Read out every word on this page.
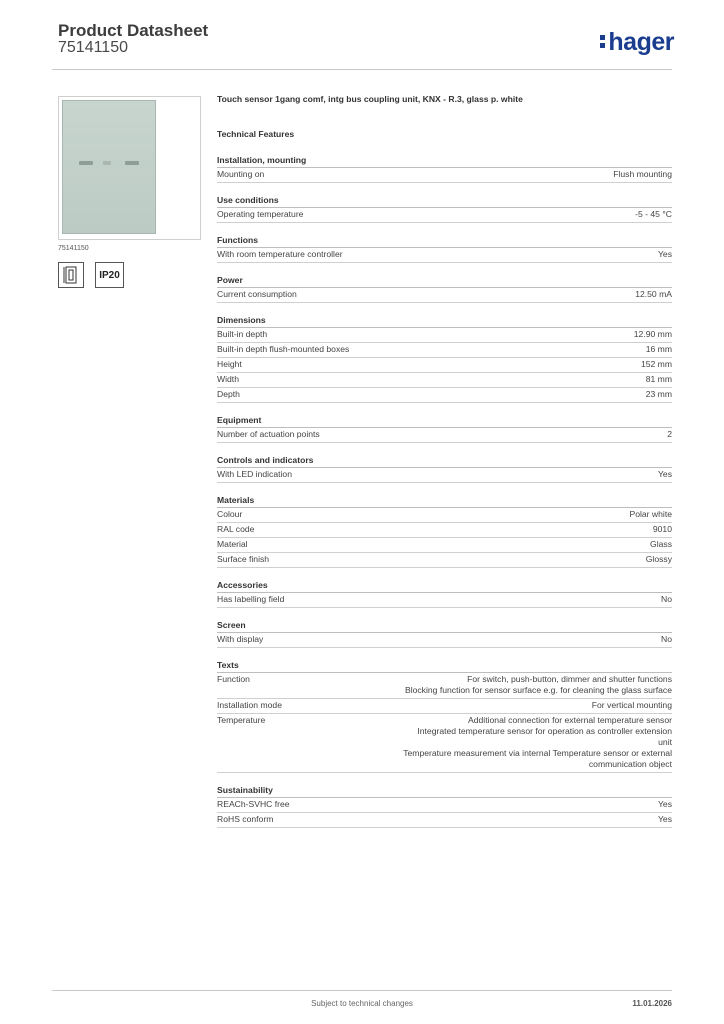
Product Datasheet
75141150	hager
75141150
IP20
Touch sensor 1gang comf, intg bus coupling unit, KNX - R.3, glass p. white
Technical Features
Installation, mounting
Mounting on	Flush mounting
Use conditions
Operating temperature	-5 - 45 °C
Functions
With room temperature controller	Yes
Power
Current consumption	12.50 mA
Dimensions
Built-in depth	12.90 mm
Built-in depth flush-mounted boxes	16 mm
Height	152 mm
Width	81 mm
Depth	23 mm
Equipment
Number of actuation points	2
Controls and indicators
With LED indication	Yes
Materials
Colour	Polar white
RAL code	9010
Material	Glass
Surface finish	Glossy
Accessories
Has labelling field	No
Screen
With display	No
Texts
Function	For switch, push-button, dimmer and shutter functions
Blocking function for sensor surface e.g. for cleaning the glass surface
Installation mode	For vertical mounting
Temperature	Additional connection for external temperature sensor
Integrated temperature sensor for operation as controller extension
unit
Temperature measurement via internal Temperature sensor or external
communication object
Sustainability
REACh-SVHC free	Yes
RoHS conform	Yes
Subject to technical changes	11.01.2026
